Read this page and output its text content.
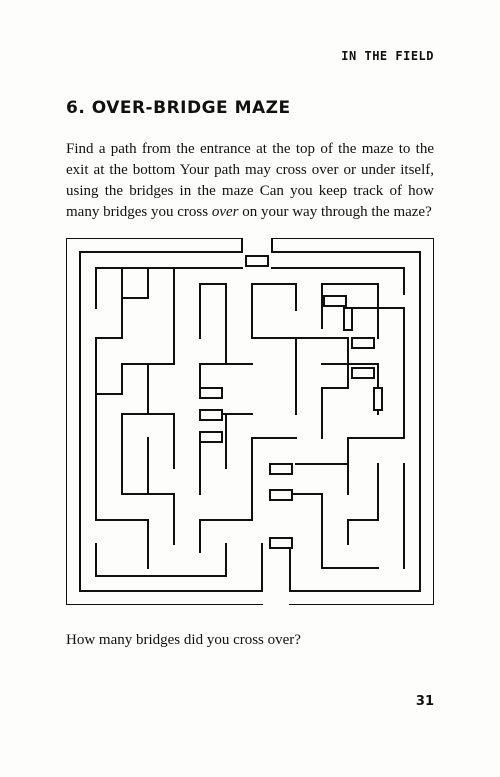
IN THE FIELD
6. OVER-BRIDGE MAZE

Find a path from the entrance at the top of the maze to the exit at the bottom Your path may cross over or under itself, using the bridges in the maze Can you keep track of how many bridges you cross over on your way through the maze?

How many bridges did you cross over?

31
